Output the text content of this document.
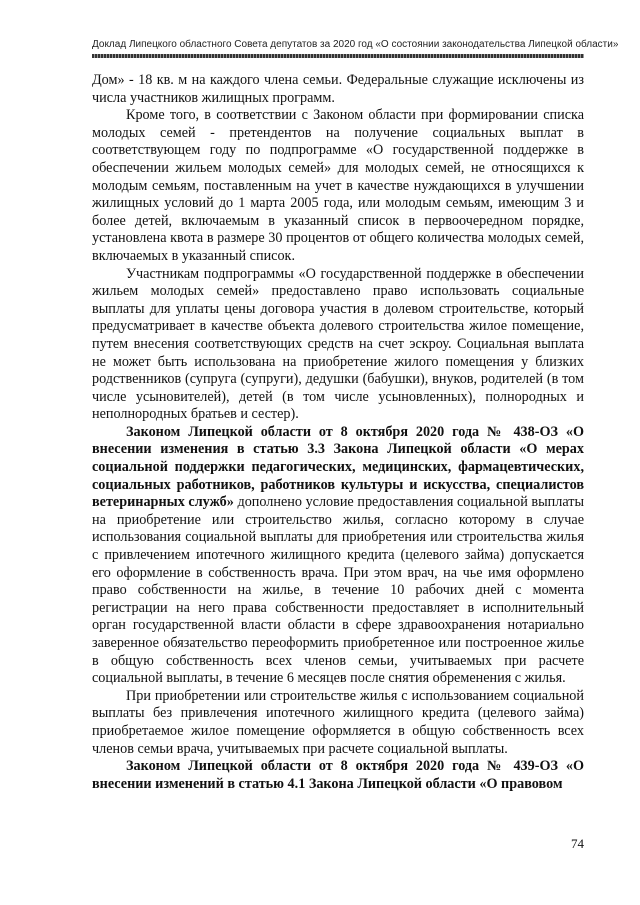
Доклад Липецкого областного Совета депутатов за 2020 год «О состоянии законодательства Липецкой области»

Дом» - 18 кв. м на каждого члена семьи. Федеральные служащие исключены из числа участников жилищных программ.

Кроме того, в соответствии с Законом области при формировании списка молодых семей - претендентов на получение социальных выплат в соответствующем году по подпрограмме «О государственной поддержке в обеспечении жильем молодых семей» для молодых семей, не относящихся к молодым семьям, поставленным на учет в качестве нуждающихся в улучшении жилищных условий до 1 марта 2005 года, или молодым семьям, имеющим 3 и более детей, включаемым в указанный список в первоочередном порядке, установлена квота в размере 30 процентов от общего количества молодых семей, включаемых в указанный список.

Участникам подпрограммы «О государственной поддержке в обеспечении жильем молодых семей» предоставлено право использовать социальные выплаты для уплаты цены договора участия в долевом строительстве, который предусматривает в качестве объекта долевого строительства жилое помещение, путем внесения соответствующих средств на счет эскроу. Социальная выплата не может быть использована на приобретение жилого помещения у близких родственников (супруга (супруги), дедушки (бабушки), внуков, родителей (в том числе усыновителей), детей (в том числе усыновленных), полнородных и неполнородных братьев и сестер).

Законом Липецкой области от 8 октября 2020 года № 438-ОЗ «О внесении изменения в статью 3.3 Закона Липецкой области «О мерах социальной поддержки педагогических, медицинских, фармацевтических, социальных работников, работников культуры и искусства, специалистов ветеринарных служб» дополнено условие предоставления социальной выплаты на приобретение или строительство жилья, согласно которому в случае использования социальной выплаты для приобретения или строительства жилья с привлечением ипотечного жилищного кредита (целевого займа) допускается его оформление в собственность врача. При этом врач, на чье имя оформлено право собственности на жилье, в течение 10 рабочих дней с момента регистрации на него права собственности предоставляет в исполнительный орган государственной власти области в сфере здравоохранения нотариально заверенное обязательство переоформить приобретенное или построенное жилье в общую собственность всех членов семьи, учитываемых при расчете социальной выплаты, в течение 6 месяцев после снятия обременения с жилья.

При приобретении или строительстве жилья с использованием социальной выплаты без привлечения ипотечного жилищного кредита (целевого займа) приобретаемое жилое помещение оформляется в общую собственность всех членов семьи врача, учитываемых при расчете социальной выплаты.

Законом Липецкой области от 8 октября 2020 года № 439-ОЗ «О внесении изменений в статью 4.1 Закона Липецкой области «О правовом

74
